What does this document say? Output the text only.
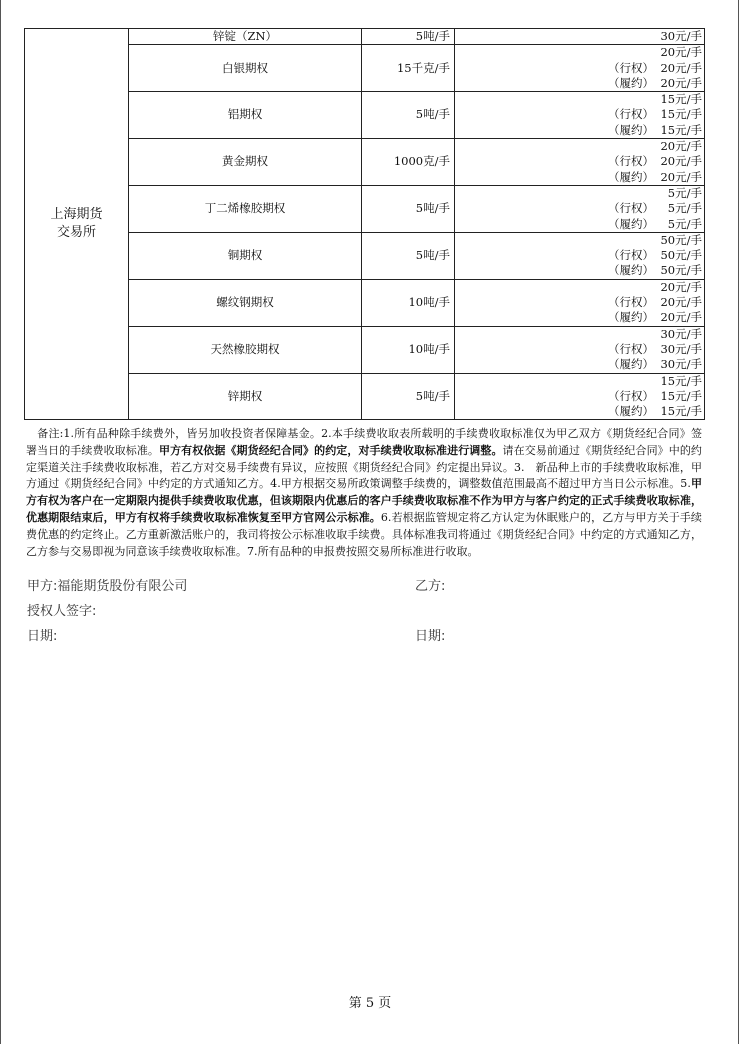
上海期货
交易所	锌锭（ZN）	5吨/手	30元/手

	白银期权	15千克/手	20元/手
（行权） 20元/手
（履约） 20元/手

	铝期权	5吨/手	15元/手
（行权） 15元/手
（履约） 15元/手

	黄金期权	1000克/手	20元/手
（行权） 20元/手
（履约） 20元/手

	丁二烯橡胶期权	5吨/手	5元/手
（行权） 5元/手
（履约） 5元/手

	铜期权	5吨/手	50元/手
（行权） 50元/手
（履约） 50元/手

	螺纹钢期权	10吨/手	20元/手
（行权） 20元/手
（履约） 20元/手

	天然橡胶期权	10吨/手	30元/手
（行权） 30元/手
（履约） 30元/手

	锌期权	5吨/手	15元/手
（行权） 15元/手
（履约） 15元/手
　备注:1.所有品种除手续费外，皆另加收投资者保障基金。2.本手续费收取表所载明的手续费收取标准仅为甲乙双方《期货经纪合同》签署当日的手续费收取标准。甲方有权依据《期货经纪合同》的约定，对手续费收取标准进行调整。请在交易前通过《期货经纪合同》中的约定渠道关注手续费收取标准，若乙方对交易手续费有异议，应按照《期货经纪合同》约定提出异议。3.　新品种上市的手续费收取标准，甲方通过《期货经纪合同》中约定的方式通知乙方。4.甲方根据交易所政策调整手续费的，调整数值范围最高不超过甲方当日公示标准。5.甲方有权为客户在一定期限内提供手续费收取优惠，但该期限内优惠后的客户手续费收取标准不作为甲方与客户约定的正式手续费收取标准，优惠期限结束后，甲方有权将手续费收取标准恢复至甲方官网公示标准。6.若根据监管规定将乙方认定为休眠账户的，乙方与甲方关于手续费优惠的约定终止。乙方重新激活账户的，我司将按公示标准收取手续费。具体标准我司将通过《期货经纪合同》中约定的方式通知乙方，乙方参与交易即视为同意该手续费收取标准。7.所有品种的申报费按照交易所标准进行收取。
甲方:福能期货股份有限公司	乙方:
授权人签字:
日期:	日期:
第 5 页
